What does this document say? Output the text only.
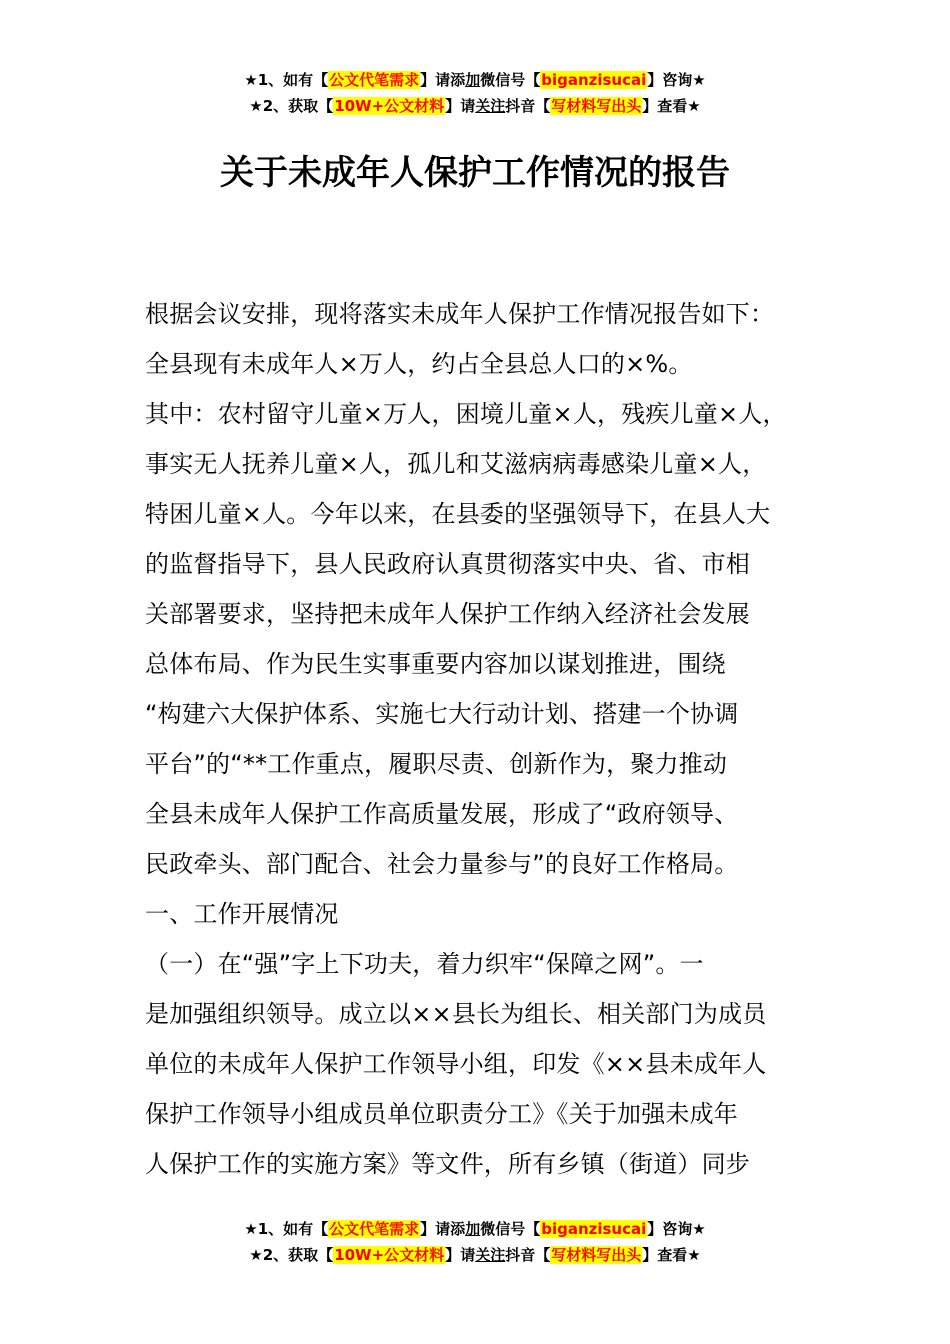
★1、如有【公文代笔需求】请添加微信号【biganzisucai】咨询★
★2、获取【10W+公文材料】请关注抖音【写材料写出头】查看★
关于未成年人保护工作情况的报告
根据会议安排，现将落实未成年人保护工作情况报告如下：
全县现有未成年人×万人，约占全县总人口的×%。
其中：农村留守儿童×万人，困境儿童×人，残疾儿童×人，
事实无人抚养儿童×人，孤儿和艾滋病病毒感染儿童×人，
特困儿童×人。今年以来，在县委的坚强领导下，在县人大
的监督指导下，县人民政府认真贯彻落实中央、省、市相
关部署要求，坚持把未成年人保护工作纳入经济社会发展
总体布局、作为民生实事重要内容加以谋划推进，围绕
“构建六大保护体系、实施七大行动计划、搭建一个协调
平台”的“**工作重点，履职尽责、创新作为，聚力推动
全县未成年人保护工作高质量发展，形成了“政府领导、
民政牵头、部门配合、社会力量参与”的良好工作格局。
一、工作开展情况
（一）在“强”字上下功夫，着力织牢“保障之网”。一
是加强组织领导。成立以××县长为组长、相关部门为成员
单位的未成年人保护工作领导小组，印发《××县未成年人
保护工作领导小组成员单位职责分工》《关于加强未成年
人保护工作的实施方案》等文件，所有乡镇（街道）同步
★1、如有【公文代笔需求】请添加微信号【biganzisucai】咨询★
★2、获取【10W+公文材料】请关注抖音【写材料写出头】查看★
